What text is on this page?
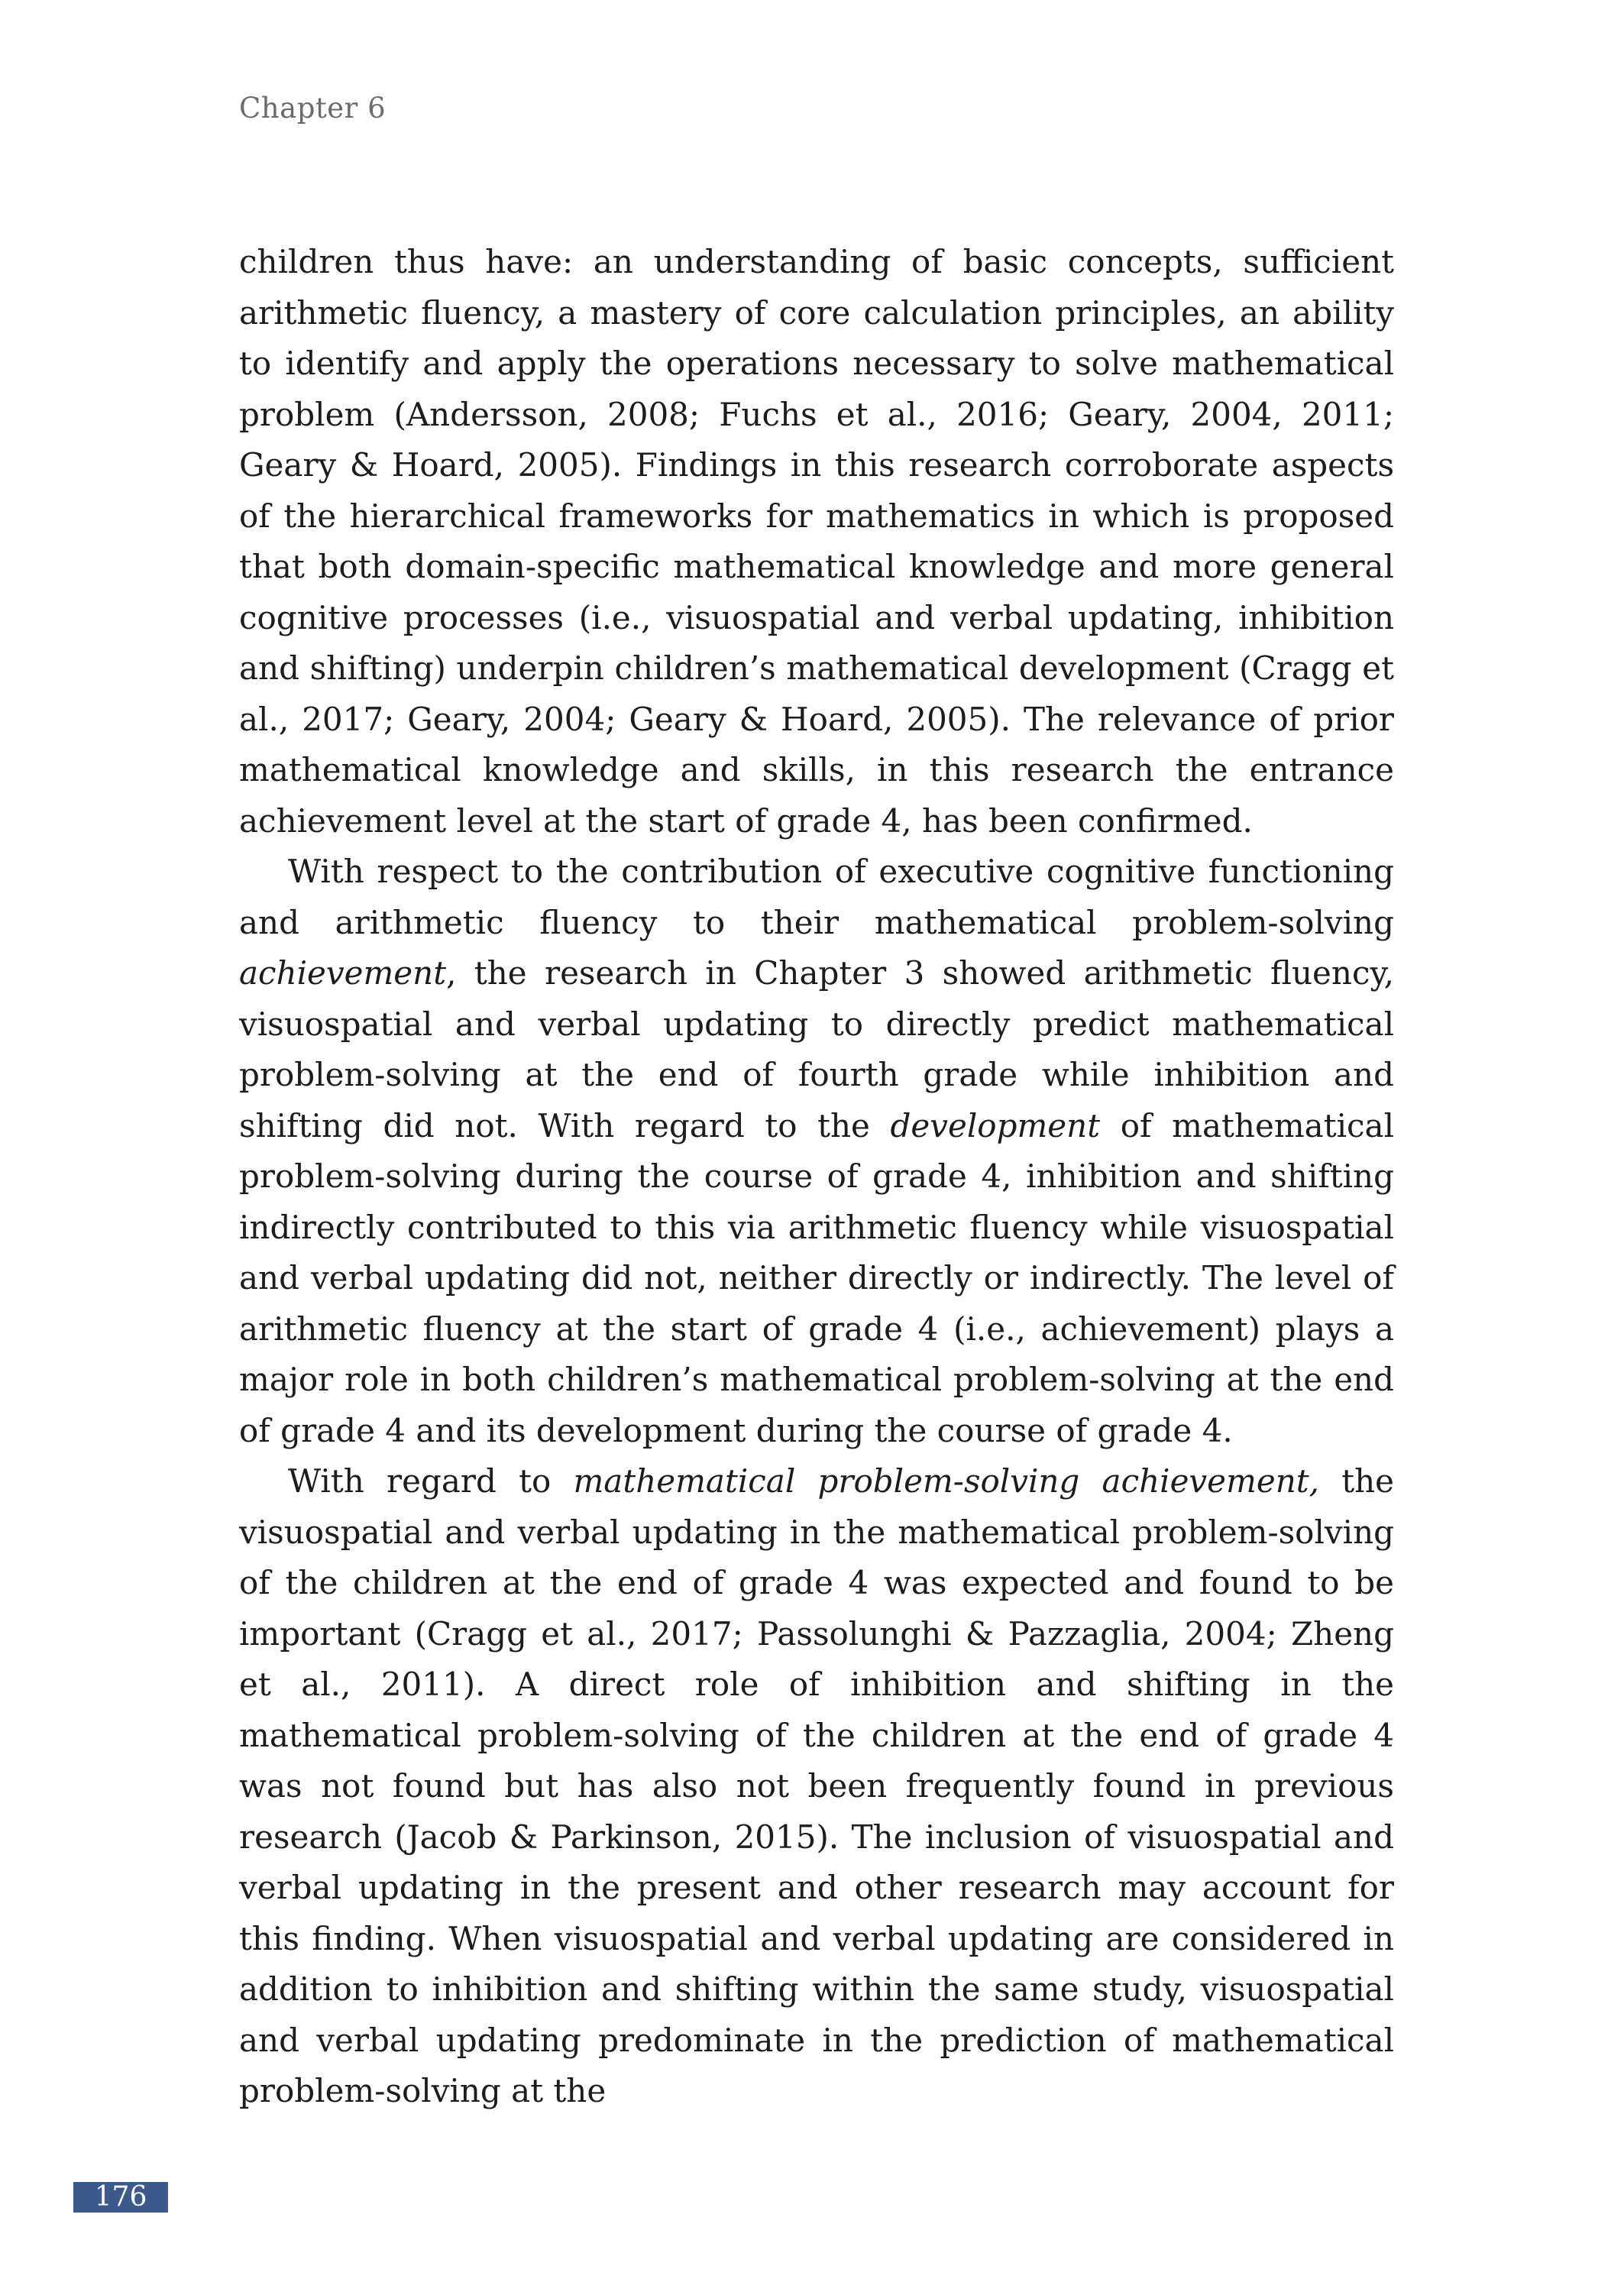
Chapter 6

children thus have: an understanding of basic concepts, sufficient arithmetic fluency, a mastery of core calculation principles, an ability to identify and apply the operations necessary to solve mathematical problem (Andersson, 2008; Fuchs et al., 2016; Geary, 2004, 2011; Geary & Hoard, 2005). Findings in this research corroborate aspects of the hierarchical frameworks for mathematics in which is proposed that both domain-specific mathematical knowledge and more general cognitive processes (i.e., visuospatial and verbal updating, inhibition and shifting) underpin children’s mathematical development (Cragg et al., 2017; Geary, 2004; Geary & Hoard, 2005). The relevance of prior mathematical knowledge and skills, in this research the entrance achievement level at the start of grade 4, has been confirmed.

With respect to the contribution of executive cognitive functioning and arithmetic fluency to their mathematical problem-solving achievement, the research in Chapter 3 showed arithmetic fluency, visuospatial and verbal updating to directly predict mathematical problem-solving at the end of fourth grade while inhibition and shifting did not. With regard to the development of mathematical problem-solving during the course of grade 4, inhibition and shifting indirectly contributed to this via arithmetic fluency while visuospatial and verbal updating did not, neither directly or indirectly. The level of arithmetic fluency at the start of grade 4 (i.e., achievement) plays a major role in both children’s mathematical problem-solving at the end of grade 4 and its development during the course of grade 4.

With regard to mathematical problem-solving achievement, the visuospatial and verbal updating in the mathematical problem-solving of the children at the end of grade 4 was expected and found to be important (Cragg et al., 2017; Passolunghi & Pazzaglia, 2004; Zheng et al., 2011). A direct role of inhibition and shifting in the mathematical problem-solving of the children at the end of grade 4 was not found but has also not been frequently found in previous research (Jacob & Parkinson, 2015). The inclusion of visuospatial and verbal updating in the present and other research may account for this finding. When visuospatial and verbal updating are considered in addition to inhibition and shifting within the same study, visuospatial and verbal updating predominate in the prediction of mathematical problem-solving at the

176
